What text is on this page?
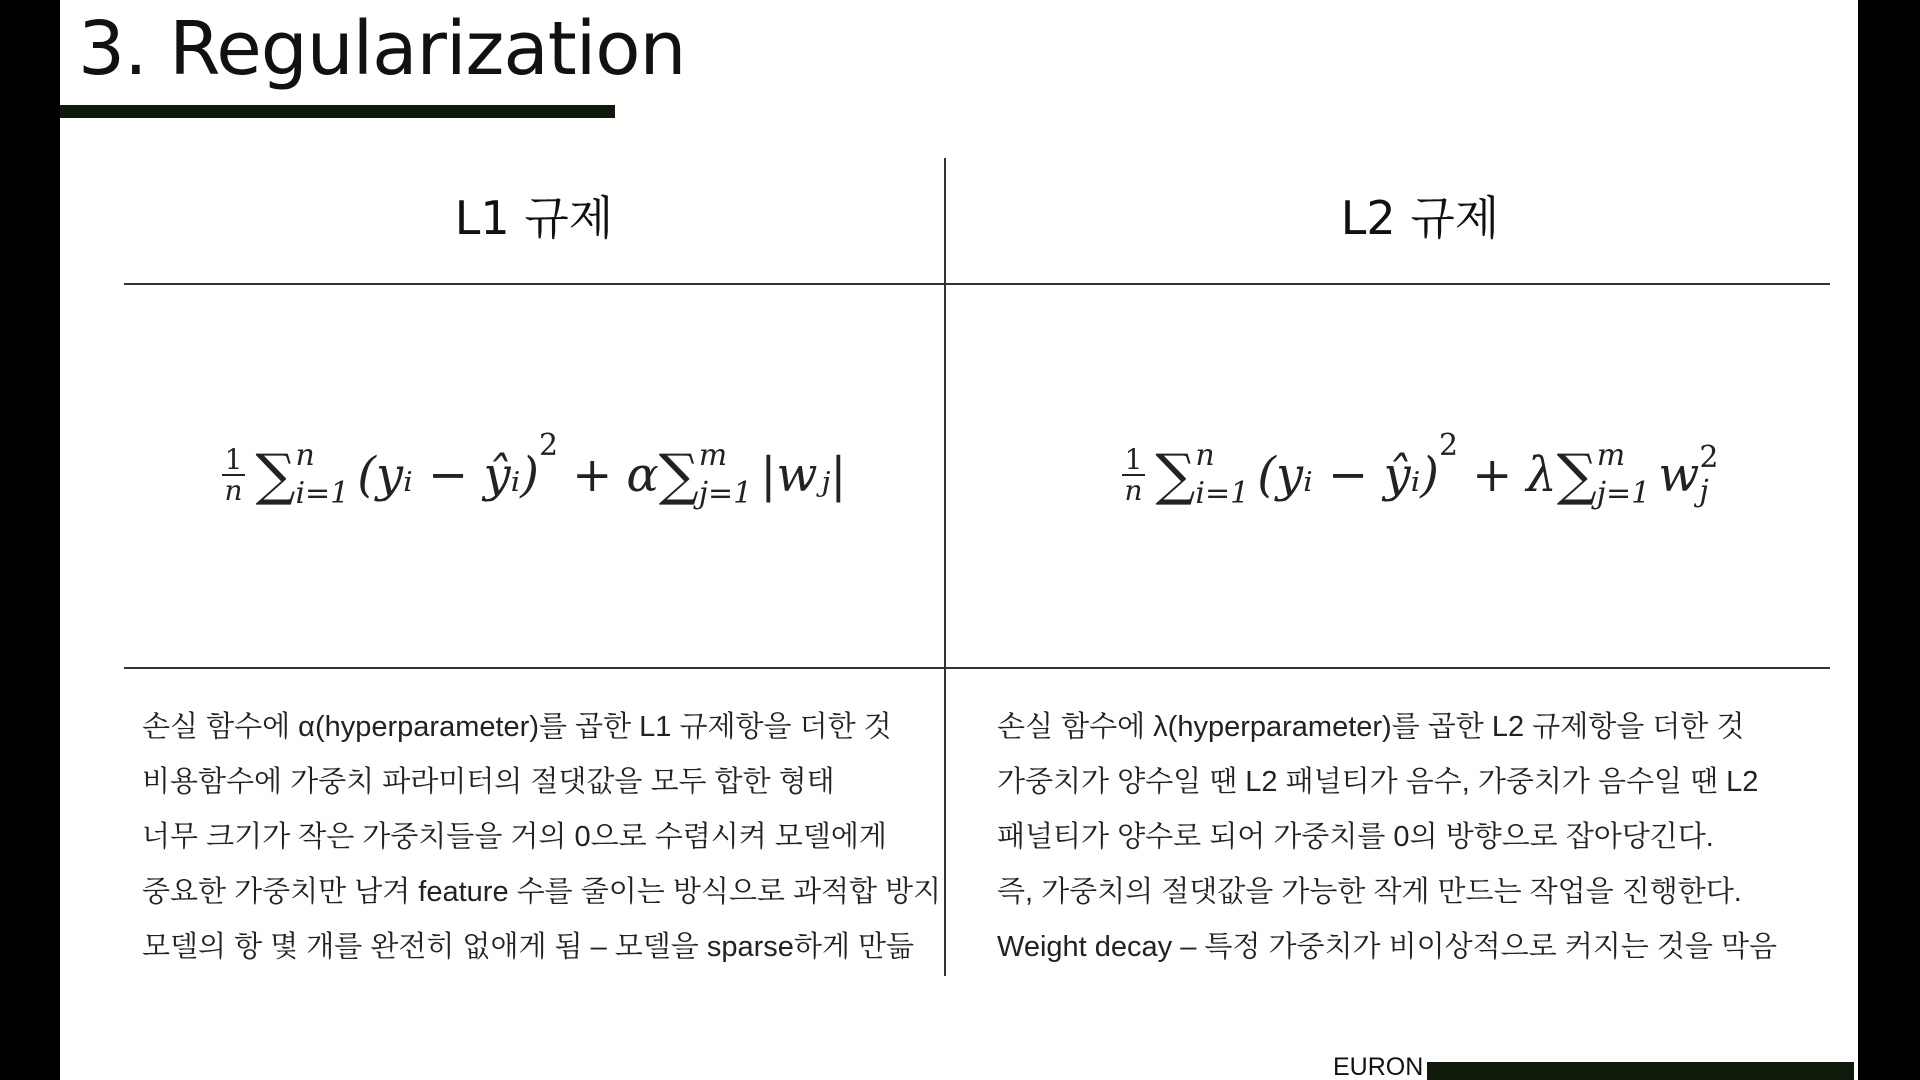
3. Regularization
L1 규제
$\frac{1}{n}$ ∑ n
i=1 (yᵢ − ŷᵢ)
2
+ α ∑ m
j=1 |wⱼ|
손실 함수에 α(hyperparameter)를 곱한 L1 규제항을 더한 것
비용함수에 가중치 파라미터의 절댓값을 모두 합한 형태
너무 크기가 작은 가중치들을 거의 0으로 수렴시켜 모델에게
중요한 가중치만 남겨 feature 수를 줄이는 방식으로 과적합 방지
모델의 항 몇 개를 완전히 없애게 됨 – 모델을 sparse하게 만듦
L2 규제
$\frac{1}{n}$ ∑ n
i=1 (yᵢ − ŷᵢ)
2
+ λ ∑ m
j=1 w 2
j
손실 함수에 λ(hyperparameter)를 곱한 L2 규제항을 더한 것
가중치가 양수일 땐 L2 패널티가 음수, 가중치가 음수일 땐 L2
패널티가 양수로 되어 가중치를 0의 방향으로 잡아당긴다.
즉, 가중치의 절댓값을 가능한 작게 만드는 작업을 진행한다.
Weight decay – 특정 가중치가 비이상적으로 커지는 것을 막음
EURON
